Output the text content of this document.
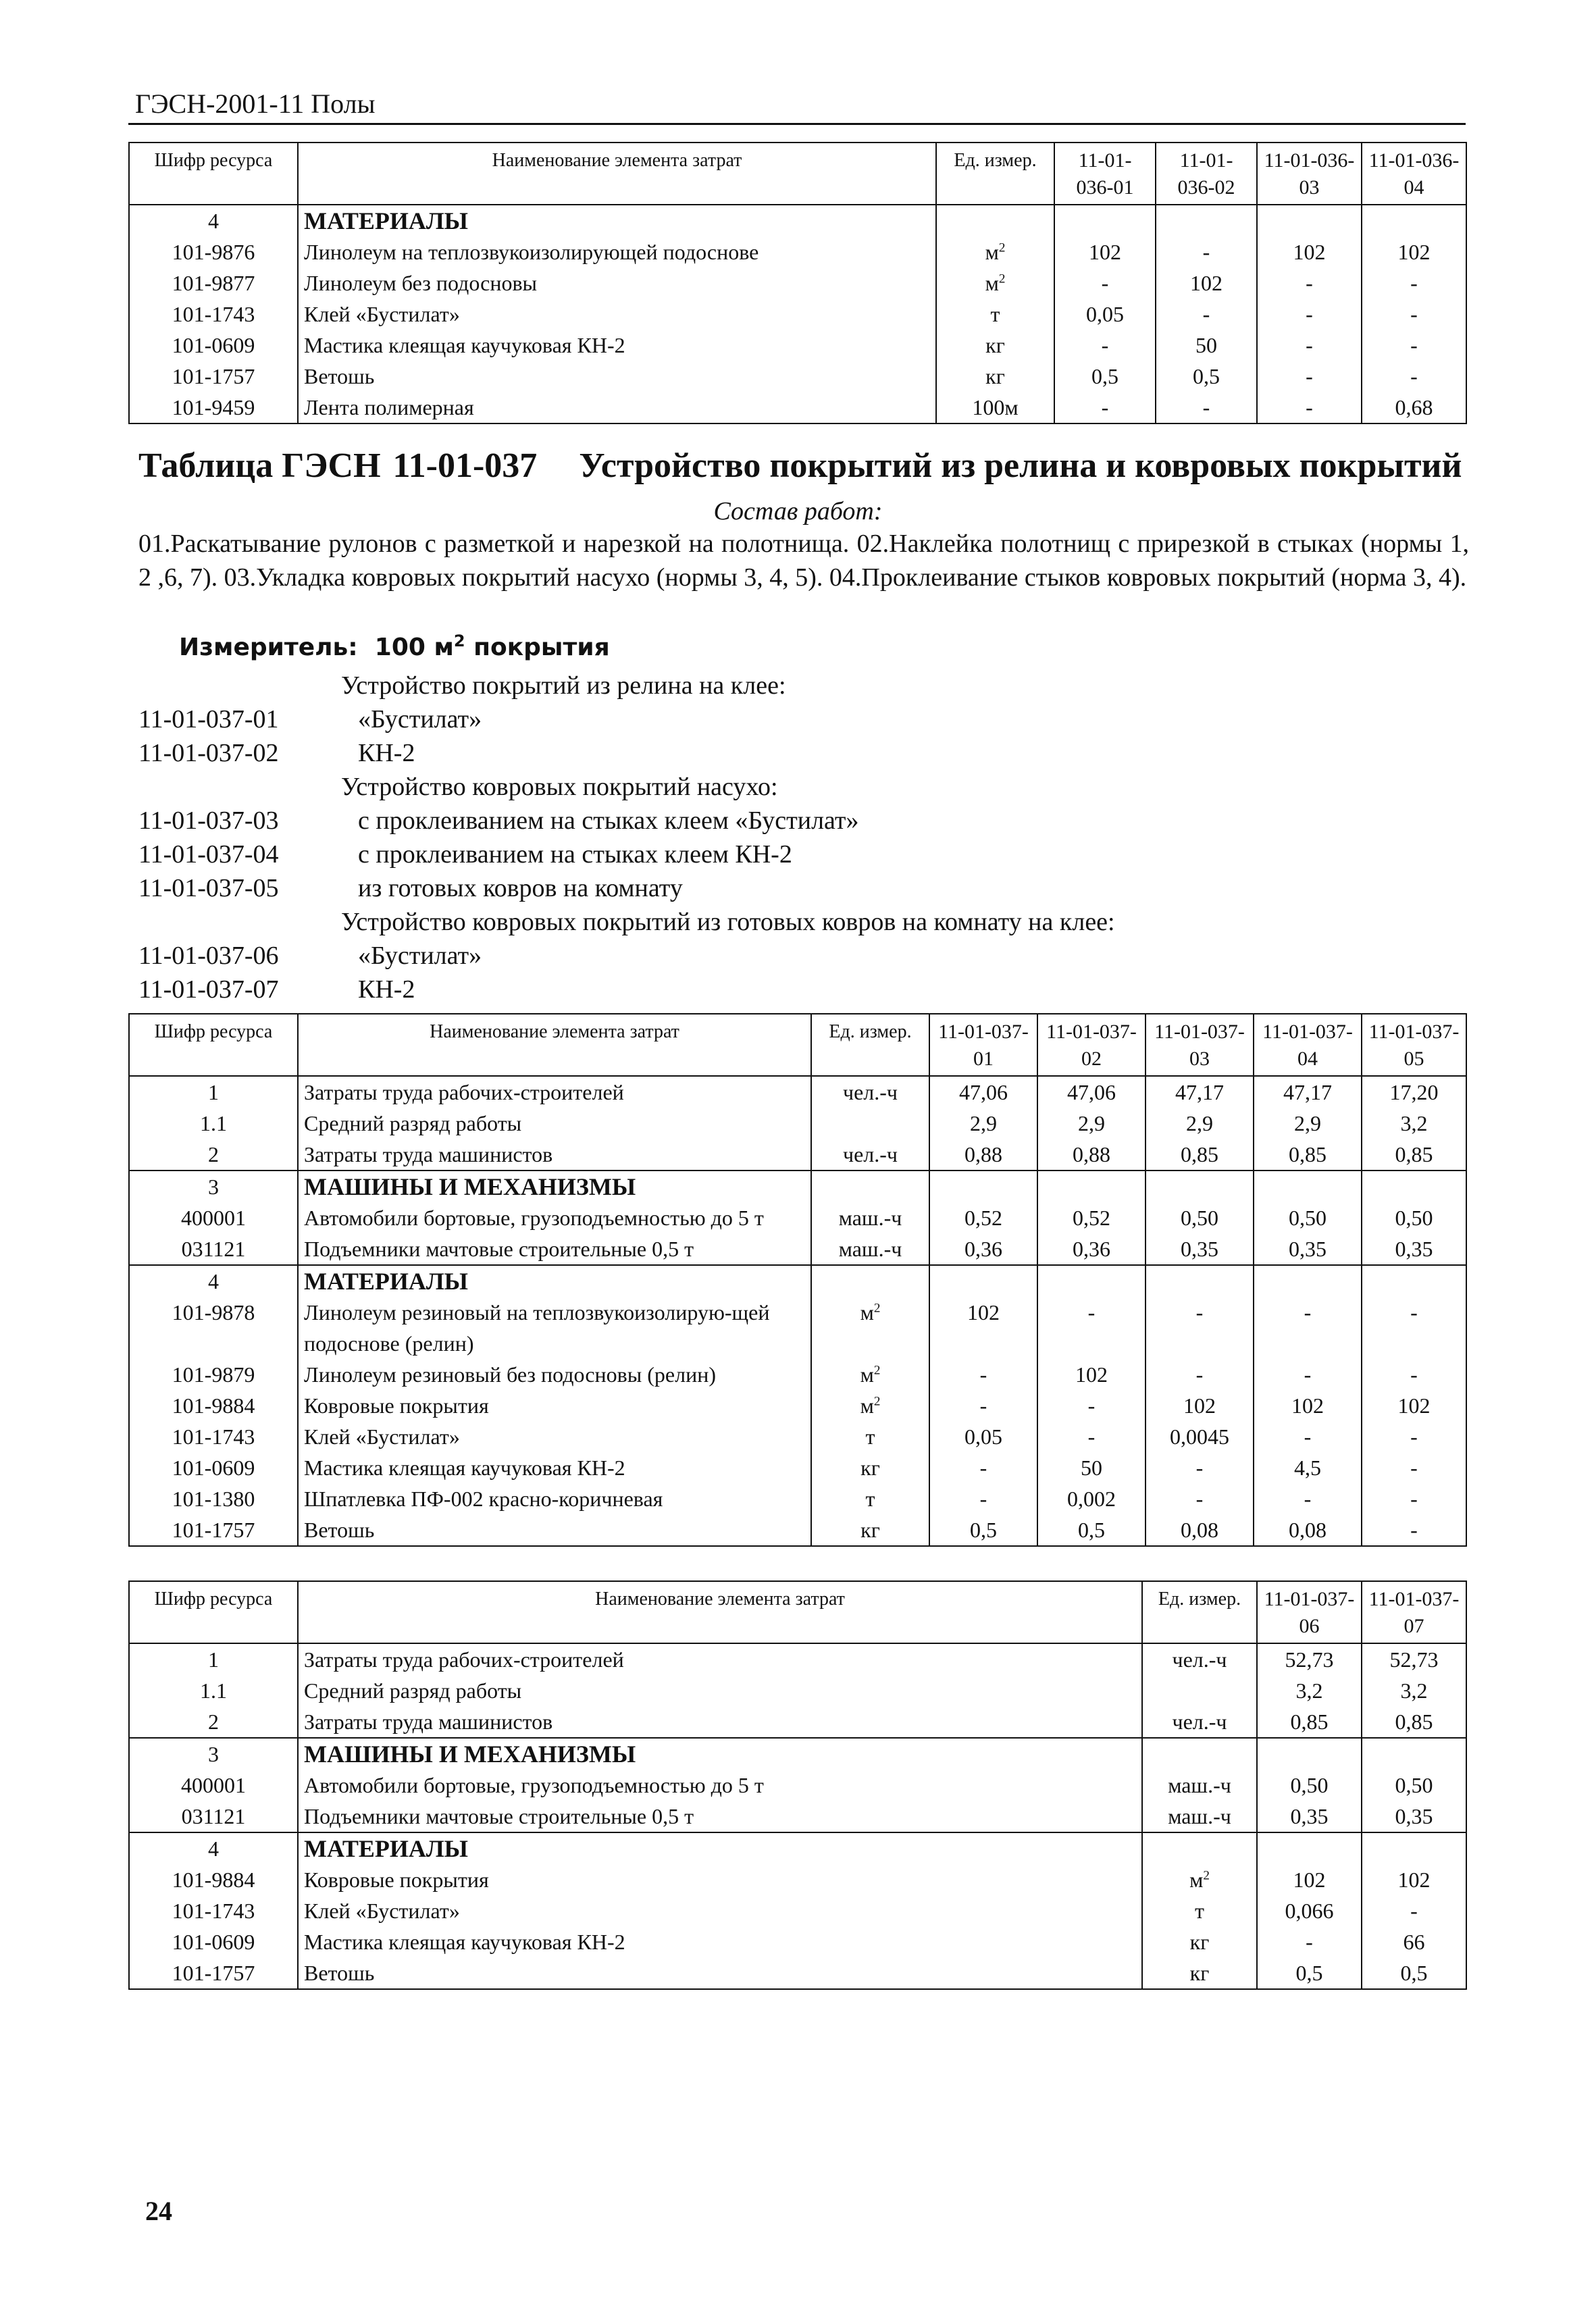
ГЭСН-2001-11 Полы
Шифр ресурса	Наименование элемента затрат	Ед. измер.	11-01-036-01	11-01-036-02	11-01-036-03	11-01-036-04
4	МАТЕРИАЛЫ					
101-9876	Линолеум на теплозвукоизолирующей подоснове	$м^2$	102	-	102	102
101-9877	Линолеум без подосновы	$м^2$	-	102	-	-
101-1743	Клей «Бустилат»	т	0,05	-	-	-
101-0609	Мастика клеящая каучуковая КН-2	кг	-	50	-	-
101-1757	Ветошь	кг	0,5	0,5	-	-
101-9459	Лента полимерная	100м	-	-	-	0,68
Таблица ГЭСН 11-01-037 Устройство покрытий из релина и ковровых покрытий
Состав работ:
01.Раскатывание рулонов с разметкой и нарезкой на полотнища. 02.Наклейка полотнищ с прирезкой в стыках (нормы 1, 2 ,6, 7). 03.Укладка ковровых покрытий насухо (нормы 3, 4, 5). 04.Проклеивание стыков ковровых покрытий (норма 3, 4).
Измеритель: 100 $м^2$ покрытия
Устройство покрытий из релина на клее:
11-01-037-01	«Бустилат»
11-01-037-02	КН-2
Устройство ковровых покрытий насухо:
11-01-037-03	с проклеиванием на стыках клеем «Бустилат»
11-01-037-04	с проклеиванием на стыках клеем КН-2
11-01-037-05	из готовых ковров на комнату
Устройство ковровых покрытий из готовых ковров на комнату на клее:
11-01-037-06	«Бустилат»
11-01-037-07	КН-2
Шифр ресурса	Наименование элемента затрат	Ед. измер.	11-01-037-01	11-01-037-02	11-01-037-03	11-01-037-04	11-01-037-05
1	Затраты труда рабочих-строителей	чел.-ч	47,06	47,06	47,17	47,17	17,20
1.1	Средний разряд работы		2,9	2,9	2,9	2,9	3,2
2	Затраты труда машинистов	чел.-ч	0,88	0,88	0,85	0,85	0,85
3	МАШИНЫ И МЕХАНИЗМЫ						
400001	Автомобили бортовые, грузоподъемностью до 5 т	маш.-ч	0,52	0,52	0,50	0,50	0,50
031121	Подъемники мачтовые строительные 0,5 т	маш.-ч	0,36	0,36	0,35	0,35	0,35
4	МАТЕРИАЛЫ						
101-9878	Линолеум резиновый на теплозвукоизолирую-щей подоснове (релин)	$м^2$	102	-	-	-	-
101-9879	Линолеум резиновый без подосновы (релин)	$м^2$	-	102	-	-	-
101-9884	Ковровые покрытия	$м^2$	-	-	102	102	102
101-1743	Клей «Бустилат»	т	0,05	-	0,0045	-	-
101-0609	Мастика клеящая каучуковая КН-2	кг	-	50	-	4,5	-
101-1380	Шпатлевка ПФ-002 красно-коричневая	т	-	0,002	-	-	-
101-1757	Ветошь	кг	0,5	0,5	0,08	0,08	-
Шифр ресурса	Наименование элемента затрат	Ед. измер.	11-01-037-06	11-01-037-07
1	Затраты труда рабочих-строителей	чел.-ч	52,73	52,73
1.1	Средний разряд работы		3,2	3,2
2	Затраты труда машинистов	чел.-ч	0,85	0,85
3	МАШИНЫ И МЕХАНИЗМЫ			
400001	Автомобили бортовые, грузоподъемностью до 5 т	маш.-ч	0,50	0,50
031121	Подъемники мачтовые строительные 0,5 т	маш.-ч	0,35	0,35
4	МАТЕРИАЛЫ			
101-9884	Ковровые покрытия	$м^2$	102	102
101-1743	Клей «Бустилат»	т	0,066	-
101-0609	Мастика клеящая каучуковая КН-2	кг	-	66
101-1757	Ветошь	кг	0,5	0,5
24
